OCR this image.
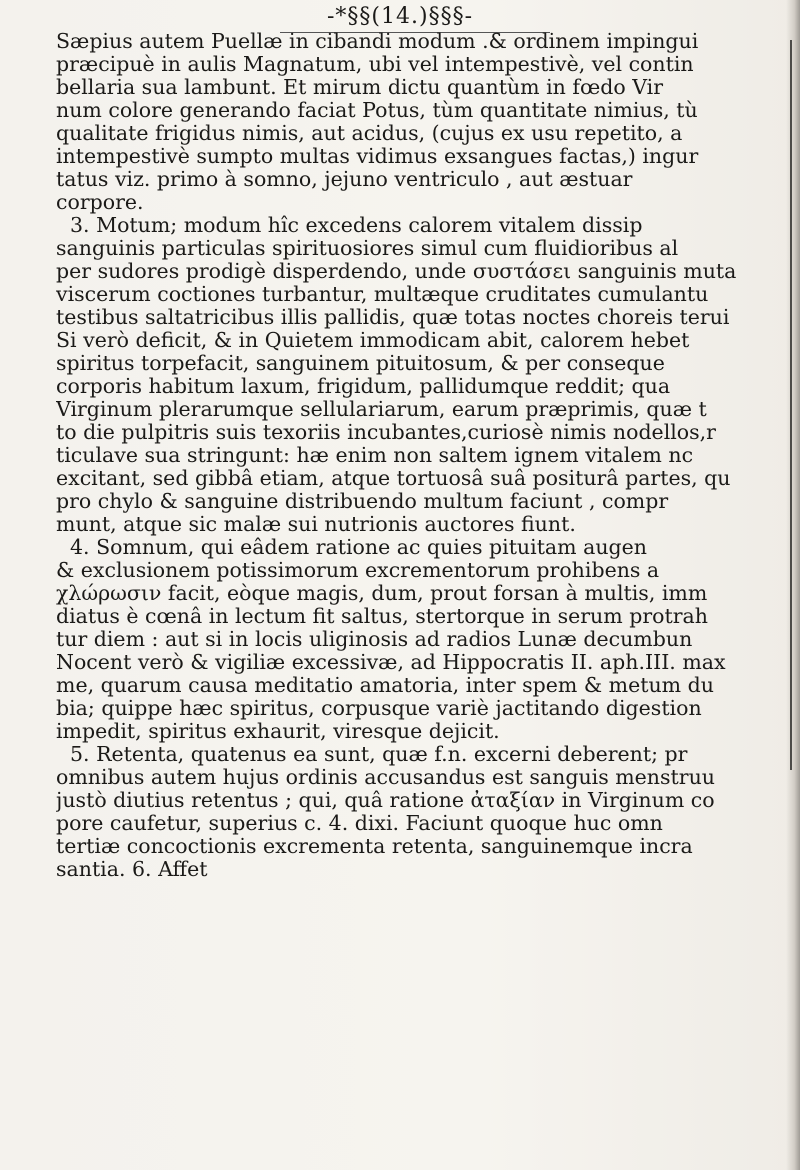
-*§§(14.)§§§-
Sæpius autem Puellæ in cibandi modum .& ordinem impingui
præcipuè in aulis Magnatum, ubi vel intempestivè, vel contin
bellaria sua lambunt. Et mirum dictu quantùm in fœdo Vir
num colore generando faciat Potus, tùm quantitate nimius, tù
qualitate frigidus nimis, aut acidus, (cujus ex usu repetito, a
intempestivè sumpto multas vidimus exsangues factas,) ingur
tatus viz. primo à somno, jejuno ventriculo , aut æstuar
corpore.
3. Motum; modum hîc excedens calorem vitalem dissip
sanguinis particulas spirituosiores simul cum fluidioribus al
per sudores prodigè disperdendo, unde συστάσει sanguinis muta
viscerum coctiones turbantur, multæque cruditates cumulantu
testibus saltatricibus illis pallidis, quæ totas noctes choreis terui
Si verò deficit, & in Quietem immodicam abit, calorem hebet
spiritus torpefacit, sanguinem pituitosum, & per conseque
corporis habitum laxum, frigidum, pallidumque reddit; qua
Virginum plerarumque sellulariarum, earum præprimis, quæ t
to die pulpitris suis texoriis incubantes,curiosè nimis nodellos,r
ticulave sua stringunt: hæ enim non saltem ignem vitalem nc
excitant, sed gibbâ etiam, atque tortuosâ suâ positurâ partes, qu
pro chylo & sanguine distribuendo multum faciunt , compr
munt, atque sic malæ sui nutrionis auctores fiunt.
4. Somnum, qui eâdem ratione ac quies pituitam augen
& exclusionem potissimorum excrementorum prohibens a
χλώρωσιν facit, eòque magis, dum, prout forsan à multis, imm
diatus è cœnâ in lectum fit saltus, stertorque in serum protrah
tur diem : aut si in locis uliginosis ad radios Lunæ decumbun
Nocent verò & vigiliæ excessivæ, ad Hippocratis II. aph.III. max
me, quarum causa meditatio amatoria, inter spem & metum du
bia; quippe hæc spiritus, corpusque variè jactitando digestion
impedit, spiritus exhaurit, viresque dejicit.
5. Retenta, quatenus ea sunt, quæ f.n. excerni deberent; pr
omnibus autem hujus ordinis accusandus est sanguis menstruu
justò diutius retentus ; qui, quâ ratione ἀταξίαν in Virginum co
pore caufetur, superius c. 4. dixi. Faciunt quoque huc omn
tertiæ concoctionis excrementa retenta, sanguinemque incra
santia. 6. Affet
